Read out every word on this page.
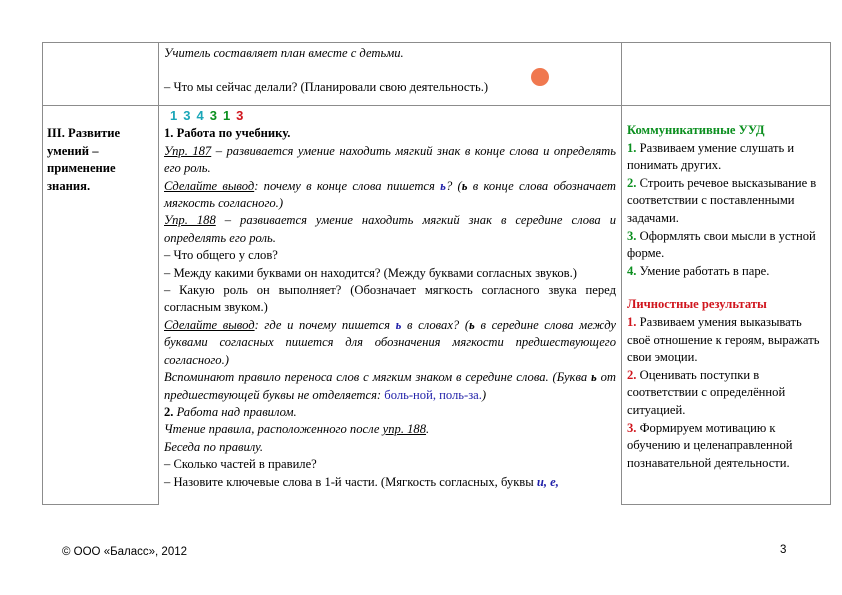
Учитель составляет план вместе с детьми.
– Что мы сейчас делали? (Планировали свою деятельность.)
III. Развитие умений – применение знания.
1 3 4 3 1 3
1. Работа по учебнику.
Упр. 187 – развивается умение находить мягкий знак в конце слова и определять его роль.
Сделайте вывод: почему в конце слова пишется ь? (ь в конце слова обозначает мягкость согласного.)
Упр. 188 – развивается умение находить мягкий знак в середине слова и определять его роль.
– Что общего у слов?
– Между какими буквами он находится? (Между буквами согласных звуков.)
– Какую роль он выполняет? (Обозначает мягкость согласного звука перед согласным звуком.)
Сделайте вывод: где и почему пишется ь в словах? (ь в середине слова между буквами согласных пишется для обозначения мягкости предшествующего согласного.)
Вспоминают правило переноса слов с мягким знаком в середине слова. (Буква ь от предшествующей буквы не отделяется: боль-ной, поль-за.)
2. Работа над правилом.
Чтение правила, расположенного после упр. 188.
Беседа по правилу.
– Сколько частей в правиле?
– Назовите ключевые слова в 1-й части. (Мягкость согласных, буквы и, е,
Коммуникативные УУД
1. Развиваем умение слушать и понимать других.
2. Строить речевое высказывание в соответствии с поставленными задачами.
3. Оформлять свои мысли в устной форме.
4. Умение работать в паре.
Личностные результаты
1. Развиваем умения выказывать своё отношение к героям, выражать свои эмоции.
2. Оценивать поступки в соответствии с определённой ситуацией.
3. Формируем мотивацию к обучению и целенаправленной познавательной деятельности.
© ООО «Баласс», 2012	3
